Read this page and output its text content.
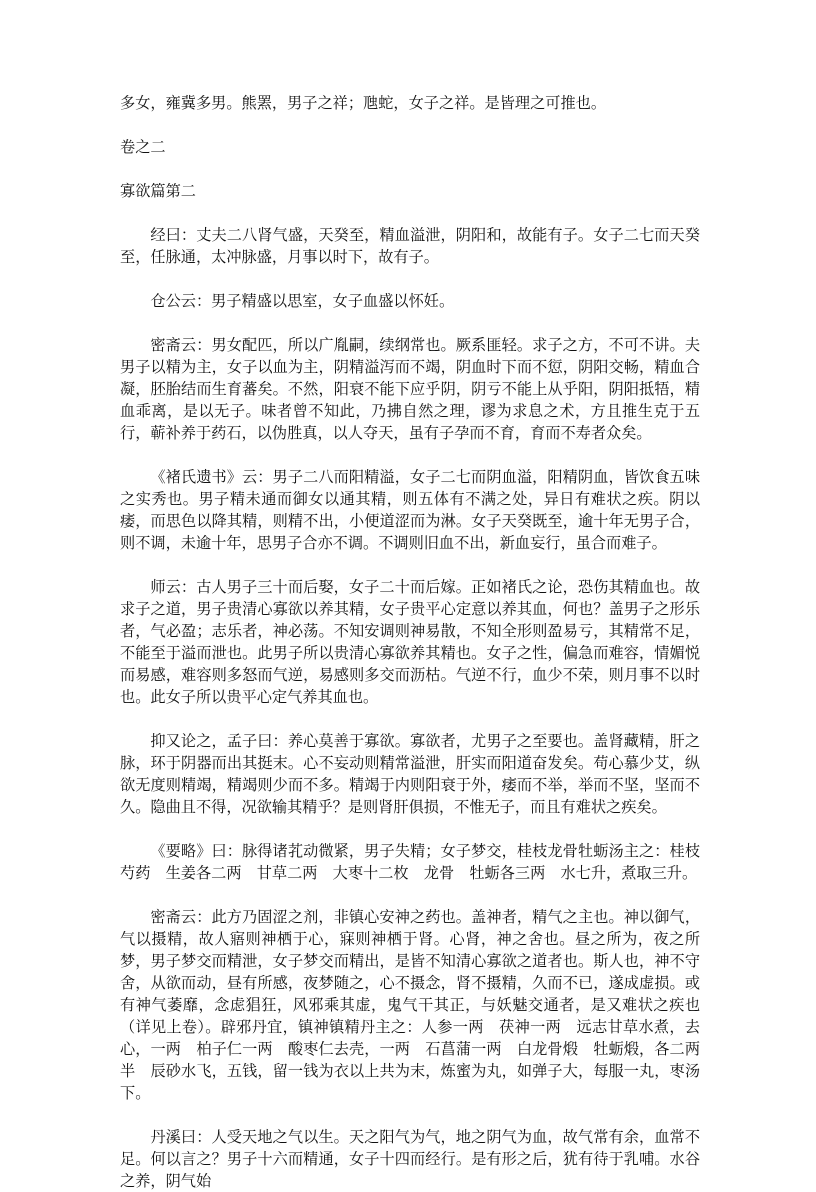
多女，雍冀多男。熊罴，男子之祥；虺蛇，女子之祥。是皆理之可推也。

卷之二

寡欲篇第二

经曰：丈夫二八肾气盛，天癸至，精血溢泄，阴阳和，故能有子。女子二七而天癸至，任脉通，太冲脉盛，月事以时下，故有子。

仓公云：男子精盛以思室，女子血盛以怀妊。

密斋云：男女配匹，所以广胤嗣，续纲常也。厥系匪轻。求子之方，不可不讲。夫男子以精为主，女子以血为主，阴精溢泻而不竭，阴血时下而不愆，阴阳交畅，精血合凝，胚胎结而生育蕃矣。不然，阳衰不能下应乎阴，阴亏不能上从乎阳，阴阳抵牾，精血乖离，是以无子。味者曾不知此，乃拂自然之理，谬为求息之术，方且推生克于五行，蕲补养于药石，以伪胜真，以人夺天，虽有子孕而不育，育而不寿者众矣。

《褚氏遗书》云：男子二八而阳精溢，女子二七而阴血溢，阳精阴血，皆饮食五味之实秀也。男子精未通而御女以通其精，则五体有不满之处，异日有难状之疾。阴以痿，而思色以降其精，则精不出，小便道涩而为淋。女子天癸既至，逾十年无男子合，则不调，未逾十年，思男子合亦不调。不调则旧血不出，新血妄行，虽合而难子。

师云：古人男子三十而后娶，女子二十而后嫁。正如褚氏之论，恐伤其精血也。故求子之道，男子贵清心寡欲以养其精，女子贵平心定意以养其血，何也？盖男子之形乐者，气必盈；志乐者，神必荡。不知安调则神易散，不知全形则盈易亏，其精常不足，不能至于溢而泄也。此男子所以贵清心寡欲养其精也。女子之性，偏急而难容，情媚悦而易感，难容则多怒而气逆，易感则多交而沥枯。气逆不行，血少不荣，则月事不以时也。此女子所以贵平心定气养其血也。

抑又论之，孟子曰：养心莫善于寡欲。寡欲者，尤男子之至要也。盖肾藏精，肝之脉，环于阴器而出其挺末。心不妄动则精常溢泄，肝实而阳道奋发矣。苟心慕少艾，纵欲无度则精竭，精竭则少而不多。精竭于内则阳衰于外，痿而不举，举而不坚，坚而不久。隐曲且不得，况欲输其精乎？是则肾肝俱损，不惟无子，而且有难状之疾矣。

《要略》曰：脉得诸芤动微紧，男子失精；女子梦交，桂枝龙骨牡蛎汤主之：桂枝　芍药　生姜各二两　甘草二两　大枣十二枚　龙骨　牡蛎各三两　水七升，煮取三升。

密斋云：此方乃固涩之剂，非镇心安神之药也。盖神者，精气之主也。神以御气，气以摄精，故人寤则神栖于心，寐则神栖于肾。心肾，神之舍也。昼之所为，夜之所梦，男子梦交而精泄，女子梦交而精出，是皆不知清心寡欲之道者也。斯人也，神不守舍，从欲而动，昼有所感，夜梦随之，心不摄念，肾不摄精，久而不已，遂成虚损。或有神气萎靡，念虑猖狂，风邪乘其虚，鬼气干其正，与妖魅交通者，是又难状之疾也（详见上卷）。辟邪丹宜，镇神镇精丹主之：人参一两　茯神一两　远志甘草水煮，去心，一两　柏子仁一两　酸枣仁去壳，一两　石菖蒲一两　白龙骨煅　牡蛎煅，各二两半　辰砂水飞，五钱，留一钱为衣以上共为末，炼蜜为丸，如弹子大，每服一丸，枣汤下。

丹溪曰：人受天地之气以生。天之阳气为气，地之阴气为血，故气常有余，血常不足。何以言之？男子十六而精通，女子十四而经行。是有形之后，犹有待于乳哺。水谷之养，阴气始
